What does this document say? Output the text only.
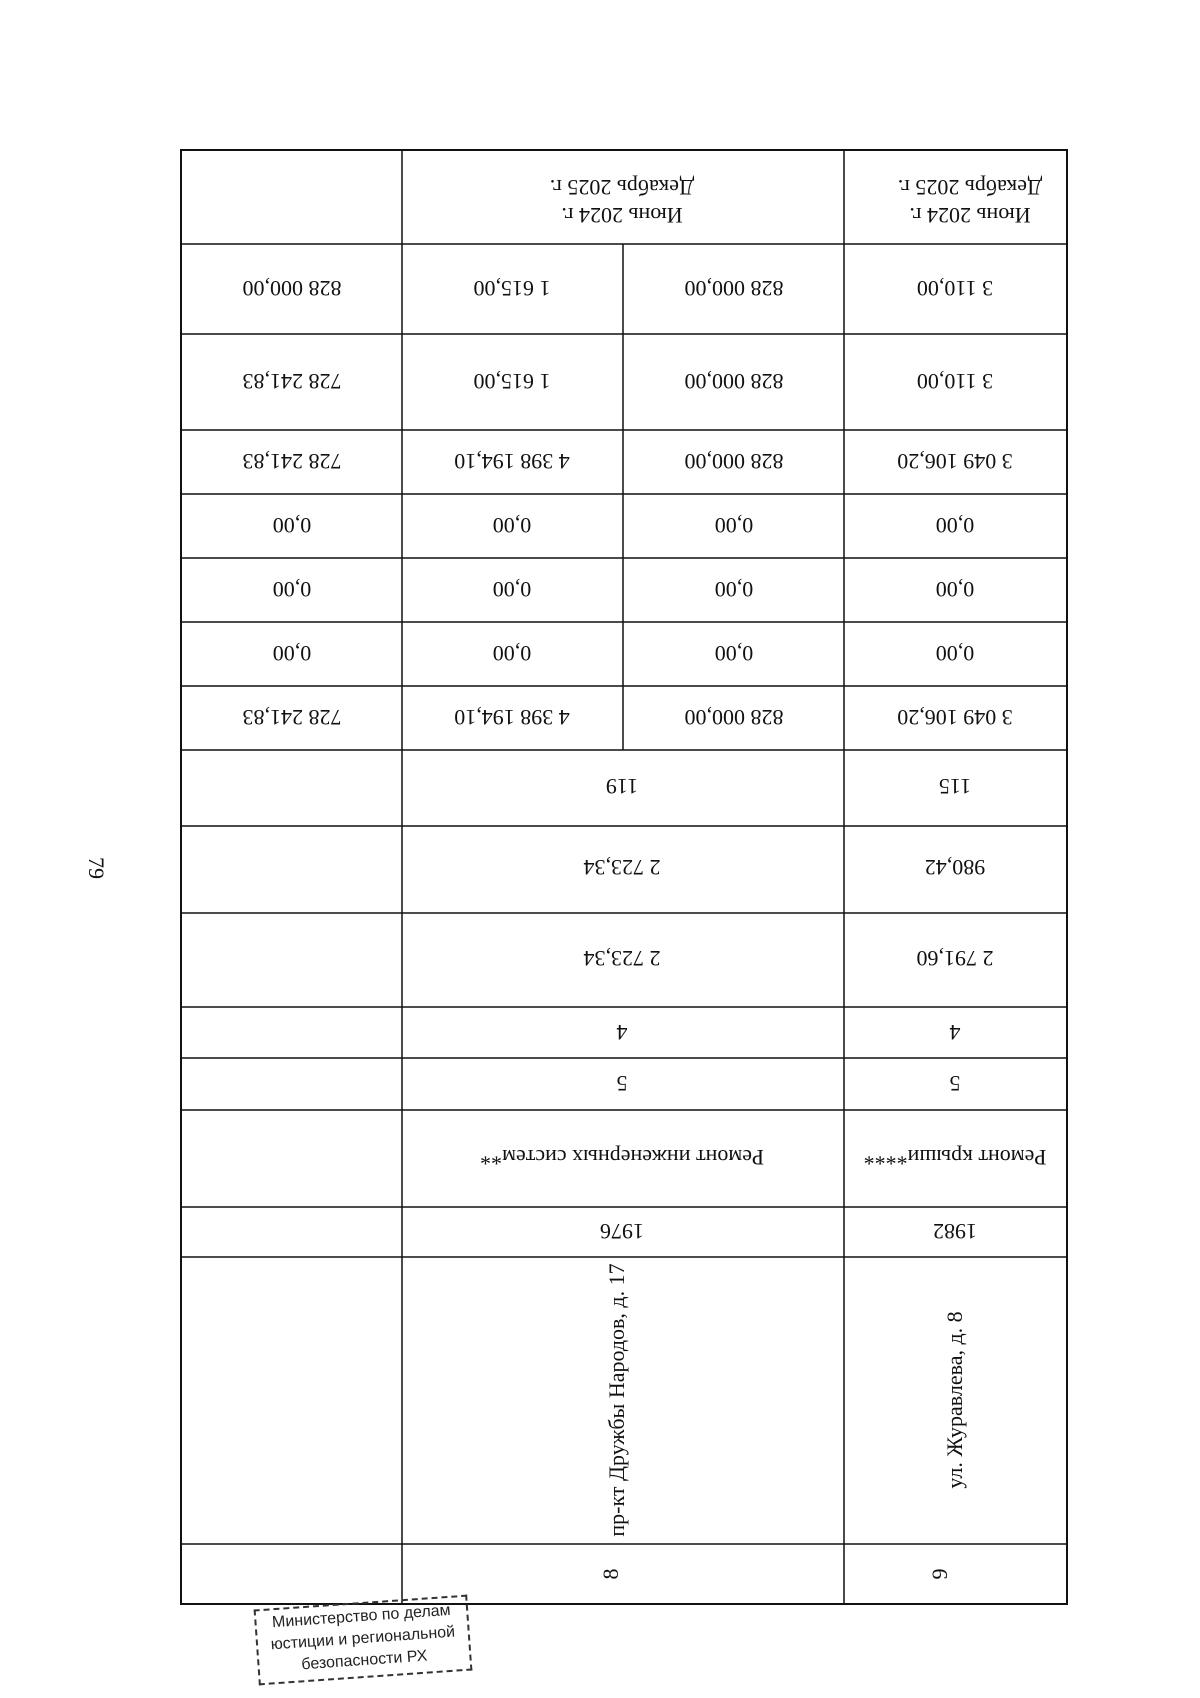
79
Июнь 2024 г.
Декабрь 2025 г.
3 110,00
3 110,00
3 049 106,20
0,00
0,00
0,00
3 049 106,20
115
980,42
2 791,60
4
5
Ремонт крыши****
1982
ул. Журавлева, д. 8
9
Июнь 2024 г.
Декабрь 2025 г.
828 000,00
1 615,00
828 000,00
1 615,00
828 000,00
4 398 194,10
0,00
0,00
0,00
0,00
0,00
0,00
828 000,00
4 398 194,10
119
2 723,34
2 723,34
4
5
Ремонт инженерных систем**
1976
пр-кт Дружбы Народов, д. 17
8
828 000,00
728 241,83
728 241,83
0,00
0,00
0,00
728 241,83
Министерство по делам
юстиции и региональной
безопасности РХ
